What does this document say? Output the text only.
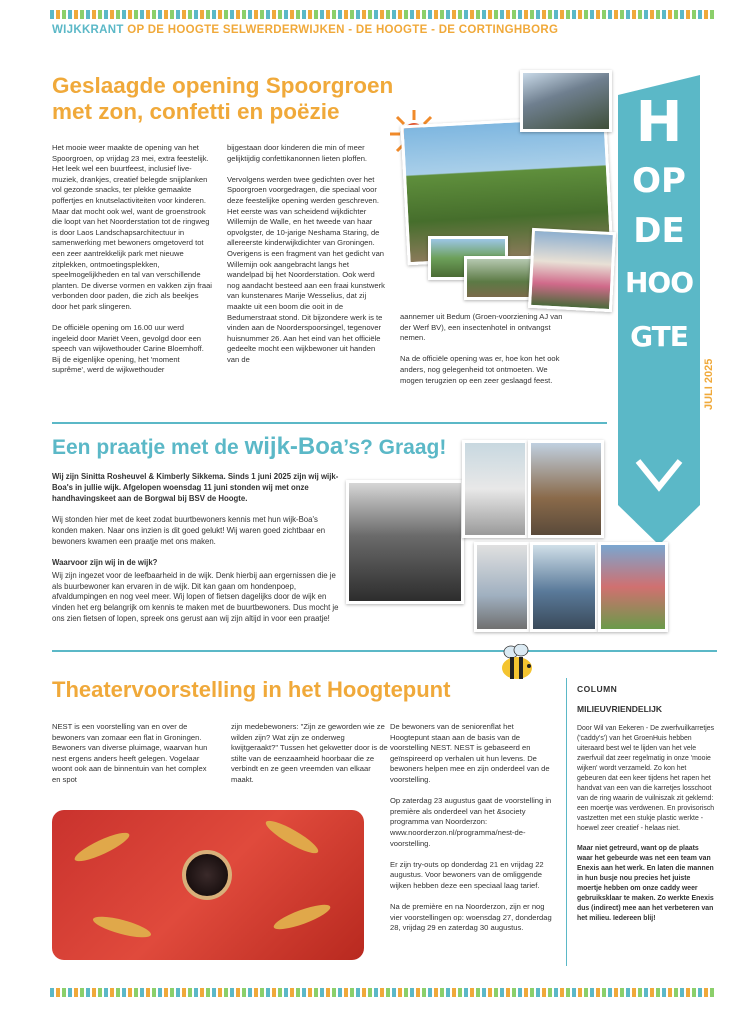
WIJKKRANT OP DE HOOGTE SELWERDERWIJKEN - DE HOOGTE - DE CORTINGHBORG
Geslaagde opening Spoorgroen met zon, confetti en poëzie

Het mooie weer maakte de opening van het Spoorgroen, op vrijdag 23 mei, extra feestelijk. Het leek wel een buurtfeest, inclusief live-muziek, drankjes, creatief belegde snijplanken vol gezonde snacks, ter plekke gemaakte poffertjes en knutselactiviteiten voor kinderen. Maar dat mocht ook wel, want de groenstrook die loopt van het Noorderstation tot de ringweg is door Laos Landschapsarchitectuur in samenwerking met bewoners omgetoverd tot een zeer aantrekkelijk park met nieuwe zitplekken, ontmoetingsplekken, speelmogelijkheden en tal van verschillende planten. De diverse vormen en vakken zijn fraai verbonden door paden, die zich als beekjes door het park slingeren.

De officiële opening om 16.00 uur werd ingeleid door Mariët Veen, gevolgd door een speech van wijkwethouder Carine Bloemhoff. Bij de eigenlijke opening, het 'moment suprême', werd de wijkwethouder

bijgestaan door kinderen die min of meer gelijktijdig confettikanonnen lieten ploffen.

Vervolgens werden twee gedichten over het Spoorgroen voorgedragen, die speciaal voor deze feestelijke opening werden geschreven. Het eerste was van scheidend wijkdichter Willemijn de Walle, en het tweede van haar opvolgster, de 10-jarige Neshama Staring, de allereerste kinderwijkdichter van Groningen. Overigens is een fragment van het gedicht van Willemijn ook aangebracht langs het wandelpad bij het Noorderstation. Ook werd nog aandacht besteed aan een fraai kunstwerk van kunstenares Marije Wesselius, dat zij maakte uit een boom die ooit in de Bedumerstraat stond. Dit bijzondere werk is te vinden aan de Noorderspoorsingel, tegenover huisnummer 26. Aan het eind van het officiële gedeelte mocht een wijkbewoner uit handen van de

aannemer uit Bedum (Groen-voorziening AJ van der Werf BV), een insectenhotel in ontvangst nemen.

Na de officiële opening was er, hoe kon het ook anders, nog gelegenheid tot ontmoeten. We mogen terugzien op een zeer geslaagd feest.

H
OP
DE
HOO
GTE
JULI 2025
Een praatje met de wijk-Boa’s? Graag!

Wij zijn Sinitta Rosheuvel & Kimberly Sikkema. Sinds 1 juni 2025 zijn wij wijk-Boa's in jullie wijk. Afgelopen woensdag 11 juni stonden wij met onze handhavingskeet aan de Borgwal bij BSV de Hoogte.

Wij stonden hier met de keet zodat buurtbewoners kennis met hun wijk-Boa's konden maken. Naar ons inzien is dit goed gelukt! Wij waren goed zichtbaar en bewoners kwamen een praatje met ons maken.

Waarvoor zijn wij in de wijk?

Wij zijn ingezet voor de leefbaarheid in de wijk. Denk hierbij aan ergernissen die je als buurbewoner kan ervaren in de wijk. Dit kan gaan om hondenpoep, afvaldumpingen en nog veel meer. Wij lopen of fietsen dagelijks door de wijk en vinden het erg belangrijk om kennis te maken met de buurtbewoners. Dus mocht je ons zien fietsen of lopen, spreek ons gerust aan wij zijn altijd in voor een praatje!

Theatervoorstelling in het Hoogtepunt

NEST is een voorstelling van en over de bewoners van zomaar een flat in Groningen. Bewoners van diverse pluimage, waarvan hun nest ergens anders heeft gelegen. Vogelaar woont ook aan de binnentuin van het complex en spot

zijn medebewoners: "Zijn ze geworden wie ze wilden zijn? Wat zijn ze onderweg kwijtgeraakt?" Tussen het gekwetter door is de stilte van de eenzaamheid hoorbaar die ze verbindt en ze geen vreemden van elkaar maakt.

De bewoners van de seniorenflat het Hoogtepunt staan aan de basis van de voorstelling NEST. NEST is gebaseerd en geïnspireerd op verhalen uit hun levens. De bewoners helpen mee en zijn onderdeel van de voorstelling.

Op zaterdag 23 augustus gaat de voorstelling in première als onderdeel van het &society programma van Noorderzon: www.noorderzon.nl/programma/nest-de-voorstelling.

Er zijn try-outs op donderdag 21 en vrijdag 22 augustus. Voor bewoners van de omliggende wijken hebben deze een speciaal laag tarief.

Na de première en na Noorderzon, zijn er nog vier voorstellingen op: woensdag 27, donderdag 28, vrijdag 29 en zaterdag 30 augustus.

COLUMN
MILIEUVRIENDELIJK
Door Wil van Eekeren - De zwerfvuilkarretjes ('caddy's') van het GroenHuis hebben uiteraard best wel te lijden van het vele zwerfvuil dat zeer regelmatig in onze 'mooie wijken' wordt verzameld. Zo kon het gebeuren dat een keer tijdens het rapen het handvat van een van die karretjes losschoot van de ring waarin de vuilniszak zit geklemd: een moertje was verdwenen. En provisorisch vastzetten met een stukje plastic werkte - hoewel zeer creatief - helaas niet.
Maar niet getreurd, want op de plaats waar het gebeurde was net een team van Enexis aan het werk. En laten die mannen in hun busje nou precies het juiste moertje hebben om onze caddy weer gebruiksklaar te maken. Zo werkte Enexis dus (indirect) mee aan het verbeteren van het milieu. Iedereen blij!
